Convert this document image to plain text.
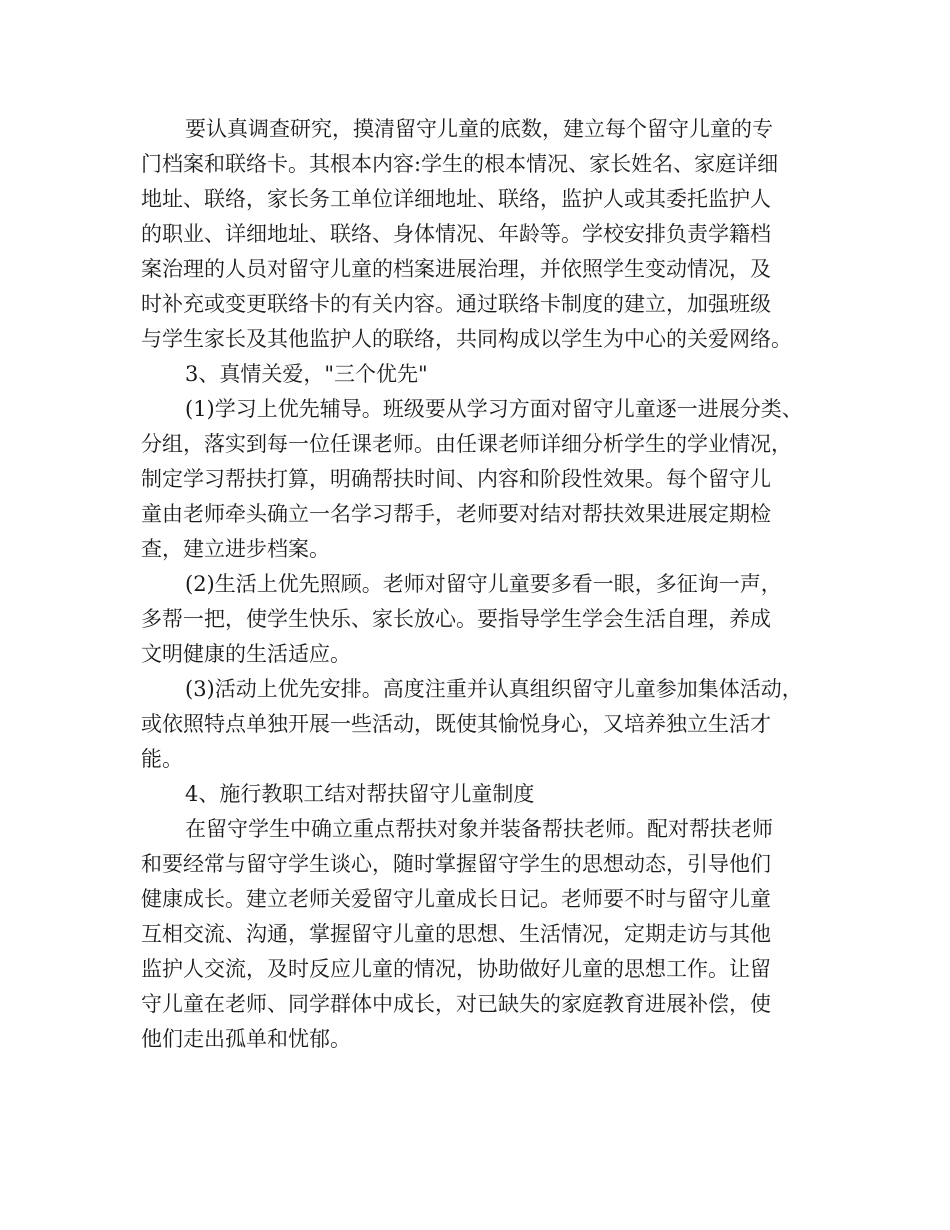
要认真调查研究，摸清留守儿童的底数，建立每个留守儿童的专
门档案和联络卡。其根本内容:学生的根本情况、家长姓名、家庭详细
地址、联络，家长务工单位详细地址、联络，监护人或其委托监护人
的职业、详细地址、联络、身体情况、年龄等。学校安排负责学籍档
案治理的人员对留守儿童的档案进展治理，并依照学生变动情况，及
时补充或变更联络卡的有关内容。通过联络卡制度的建立，加强班级
与学生家长及其他监护人的联络，共同构成以学生为中心的关爱网络。
3、真情关爱，"三个优先"
(1)学习上优先辅导。班级要从学习方面对留守儿童逐一进展分类、
分组，落实到每一位任课老师。由任课老师详细分析学生的学业情况，
制定学习帮扶打算，明确帮扶时间、内容和阶段性效果。每个留守儿
童由老师牵头确立一名学习帮手，老师要对结对帮扶效果进展定期检
查，建立进步档案。
(2)生活上优先照顾。老师对留守儿童要多看一眼，多征询一声，
多帮一把，使学生快乐、家长放心。要指导学生学会生活自理，养成
文明健康的生活适应。
(3)活动上优先安排。高度注重并认真组织留守儿童参加集体活动，
或依照特点单独开展一些活动，既使其愉悦身心，又培养独立生活才
能。
4、施行教职工结对帮扶留守儿童制度
在留守学生中确立重点帮扶对象并装备帮扶老师。配对帮扶老师
和要经常与留守学生谈心，随时掌握留守学生的思想动态，引导他们
健康成长。建立老师关爱留守儿童成长日记。老师要不时与留守儿童
互相交流、沟通，掌握留守儿童的思想、生活情况，定期走访与其他
监护人交流，及时反应儿童的情况，协助做好儿童的思想工作。让留
守儿童在老师、同学群体中成长，对已缺失的家庭教育进展补偿，使
他们走出孤单和忧郁。
